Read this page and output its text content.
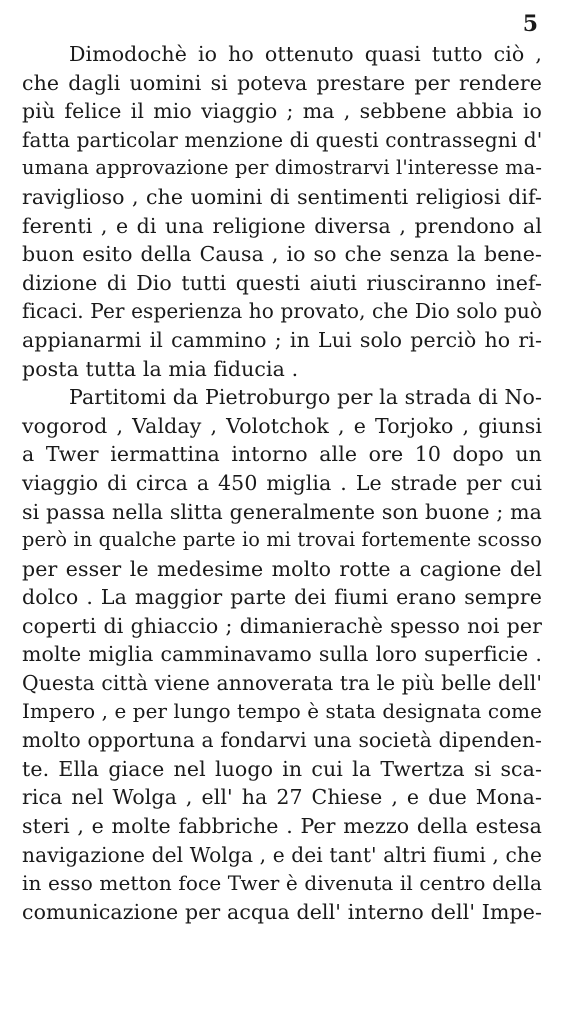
5
Dimodochè io ho ottenuto quasi tutto ciò ,
che dagli uomini si poteva prestare per rendere
più felice il mio viaggio ; ma , sebbene abbia io
fatta particolar menzione di questi contrassegni d'
umana approvazione per dimostrarvi l'interesse ma-
raviglioso , che uomini di sentimenti religiosi dif-
ferenti , e di una religione diversa , prendono al
buon esito della Causa , io so che senza la bene-
dizione di Dio tutti questi aiuti riusciranno inef-
ficaci. Per esperienza ho provato, che Dio solo può
appianarmi il cammino ; in Lui solo perciò ho ri-
posta tutta la mia fiducia .
Partitomi da Pietroburgo per la strada di No-
vogorod , Valday , Volotchok , e Torjoko , giunsi
a Twer iermattina intorno alle ore 10 dopo un
viaggio di circa a 450 miglia . Le strade per cui
si passa nella slitta generalmente son buone ; ma
però in qualche parte io mi trovai fortemente scosso
per esser le medesime molto rotte a cagione del
dolco . La maggior parte dei fiumi erano sempre
coperti di ghiaccio ; dimanierachè spesso noi per
molte miglia camminavamo sulla loro superficie .
Questa città viene annoverata tra le più belle dell'
Impero , e per lungo tempo è stata designata come
molto opportuna a fondarvi una società dipenden-
te. Ella giace nel luogo in cui la Twertza si sca-
rica nel Wolga , ell' ha 27 Chiese , e due Mona-
steri , e molte fabbriche . Per mezzo della estesa
navigazione del Wolga , e dei tant' altri fiumi , che
in esso metton foce Twer è divenuta il centro della
comunicazione per acqua dell' interno dell' Impe-
